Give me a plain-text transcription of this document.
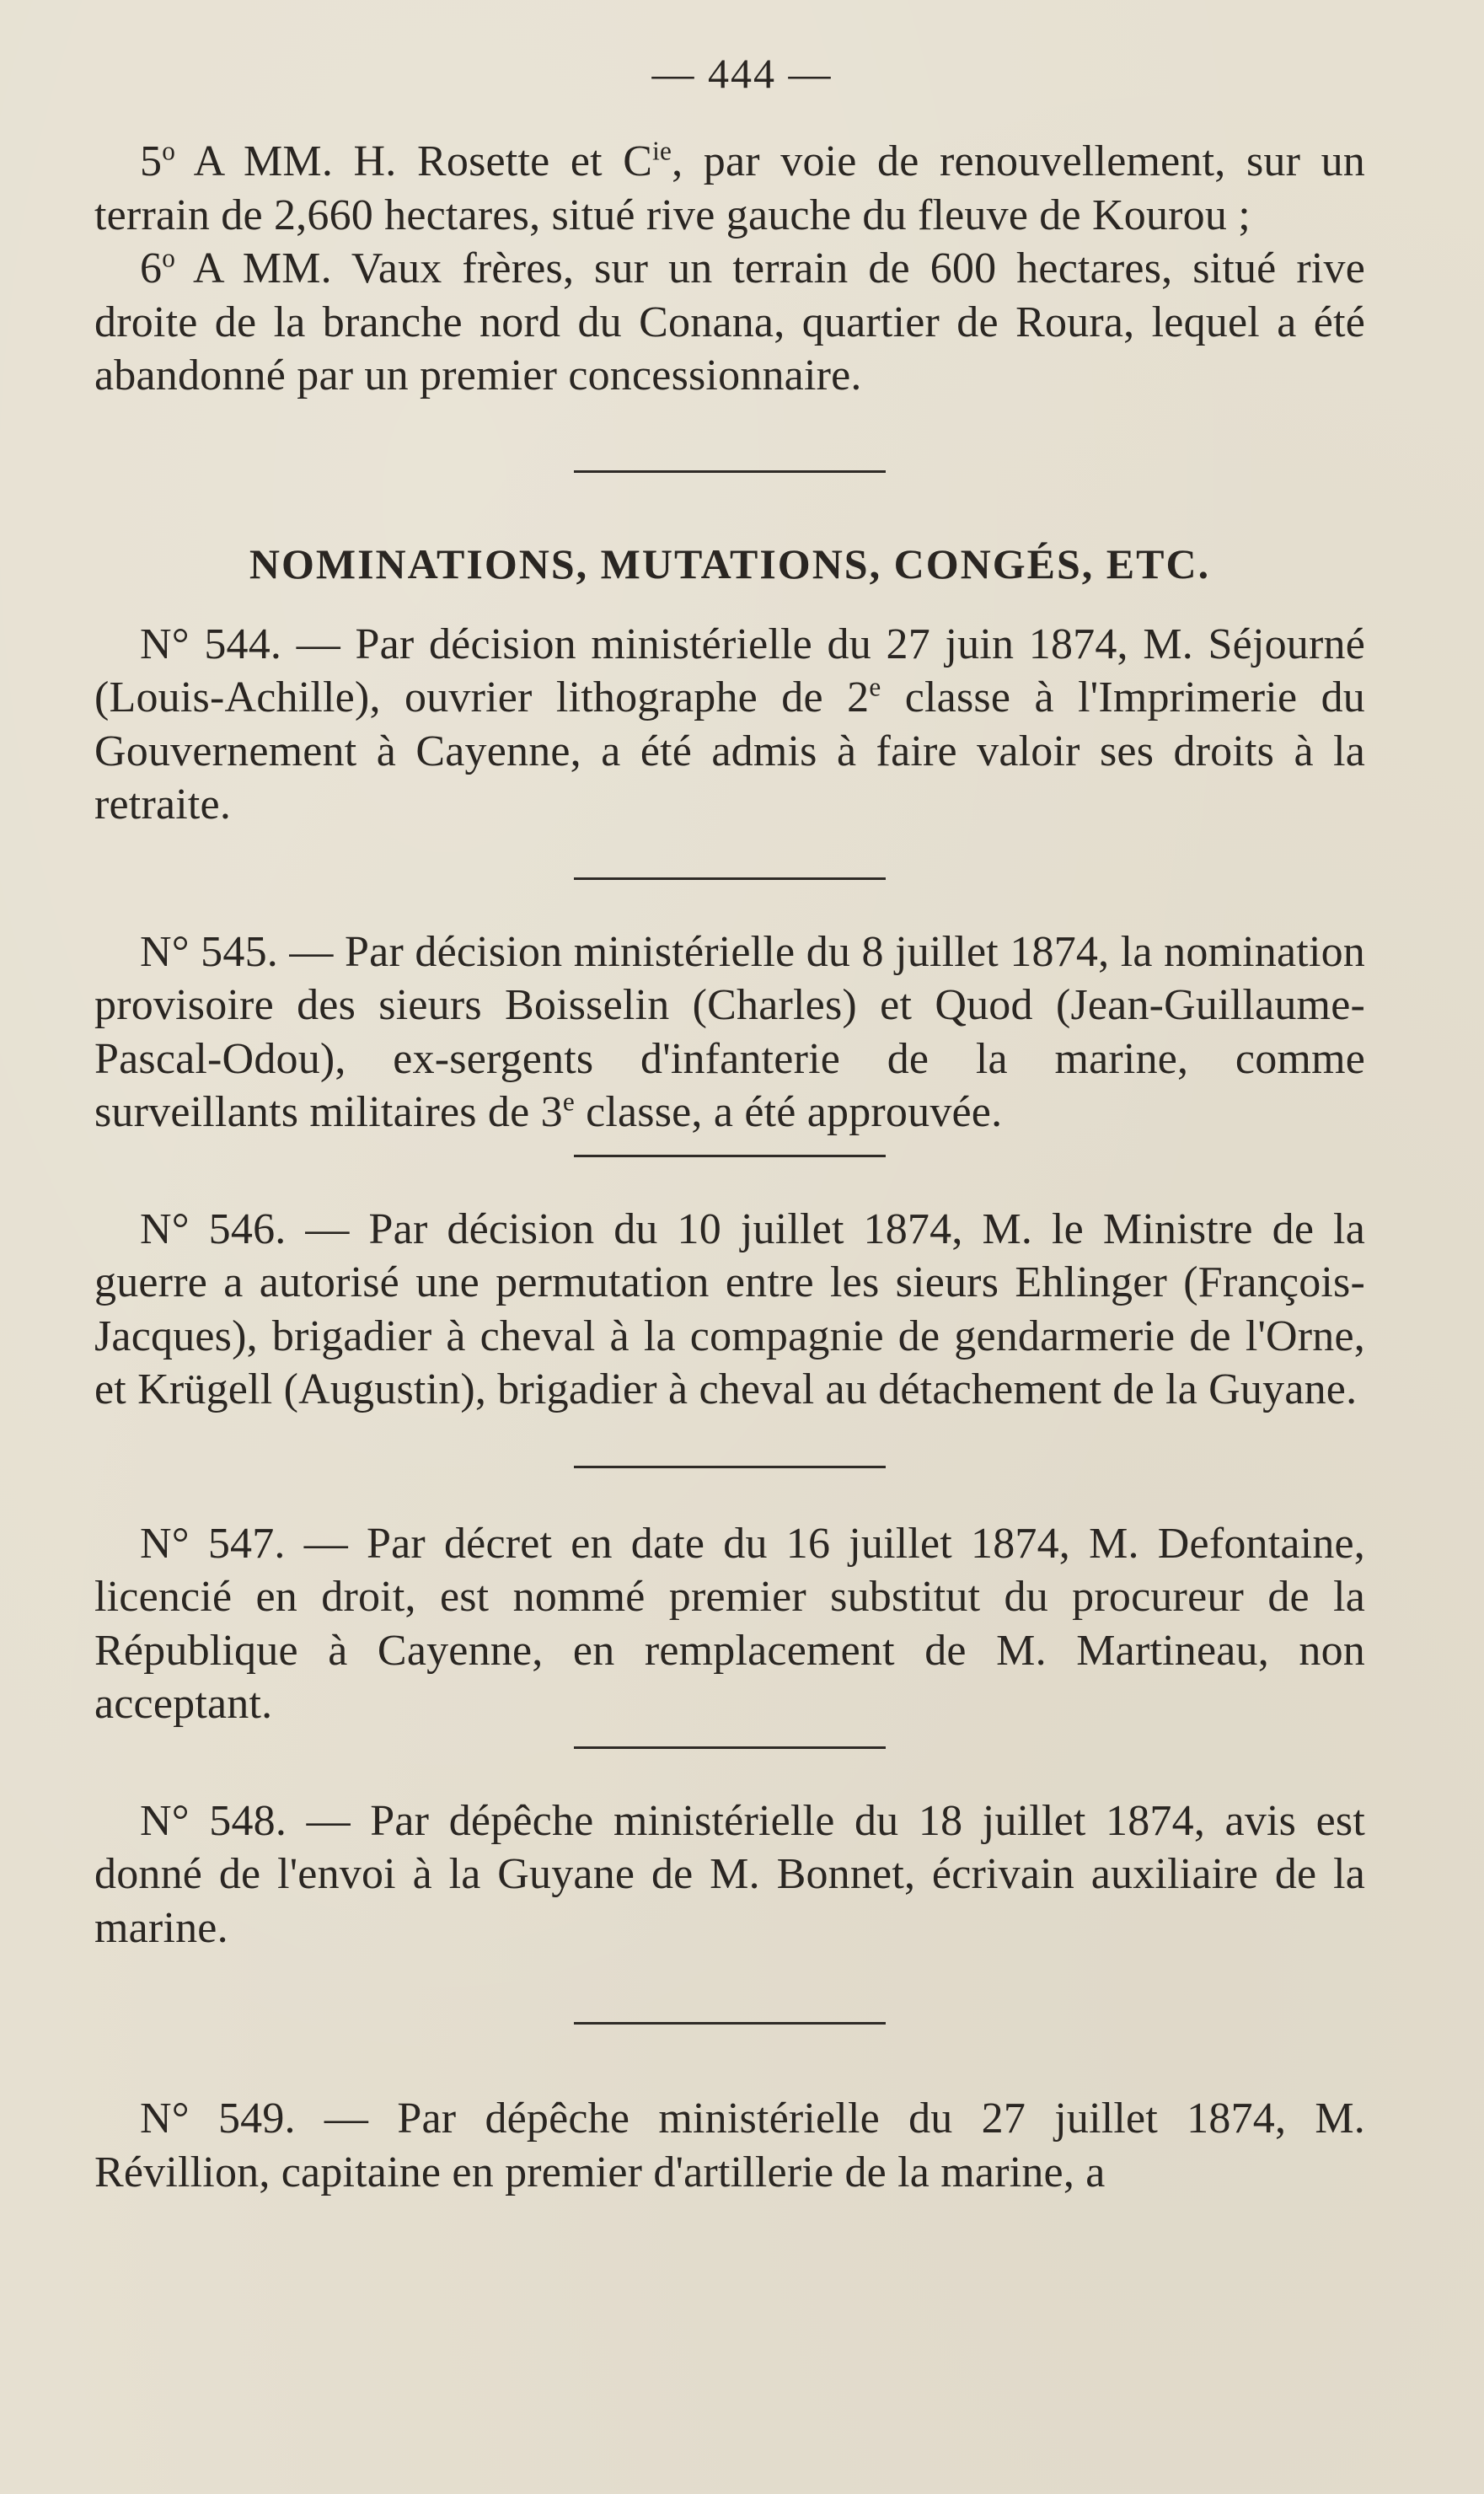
— 444 —

5$^o$ A MM. H. Rosette et $C^{ie}$, par voie de renouvellement, sur un terrain de 2,660 hectares, situé rive gauche du fleuve de Kourou ;

6$^o$ A MM. Vaux frères, sur un terrain de 600 hectares, situé rive droite de la branche nord du Conana, quartier de Roura, lequel a été abandonné par un premier concessionnaire.

NOMINATIONS, MUTATIONS, CONGÉS, ETC.

N° 544. — Par décision ministérielle du 27 juin 1874, M. Séjourné (Louis-Achille), ouvrier lithographe de 2e classe à l'Imprimerie du Gouvernement à Cayenne, a été admis à faire valoir ses droits à la retraite.

N° 545. — Par décision ministérielle du 8 juillet 1874, la nomination provisoire des sieurs Boisselin (Charles) et Quod (Jean-Guillaume-Pascal-Odou), ex-sergents d'infanterie de la marine, comme surveillants militaires de 3e classe, a été approuvée.

N° 546. — Par décision du 10 juillet 1874, M. le Ministre de la guerre a autorisé une permutation entre les sieurs Ehlinger (François-Jacques), brigadier à cheval à la compagnie de gendarmerie de l'Orne, et Krügell (Augustin), brigadier à cheval au détachement de la Guyane.

N° 547. — Par décret en date du 16 juillet 1874, M. Defontaine, licencié en droit, est nommé premier substitut du procureur de la République à Cayenne, en remplacement de M. Martineau, non acceptant.

N° 548. — Par dépêche ministérielle du 18 juillet 1874, avis est donné de l'envoi à la Guyane de M. Bonnet, écrivain auxiliaire de la marine.

N° 549. — Par dépêche ministérielle du 27 juillet 1874, M. Révillion, capitaine en premier d'artillerie de la marine, a
